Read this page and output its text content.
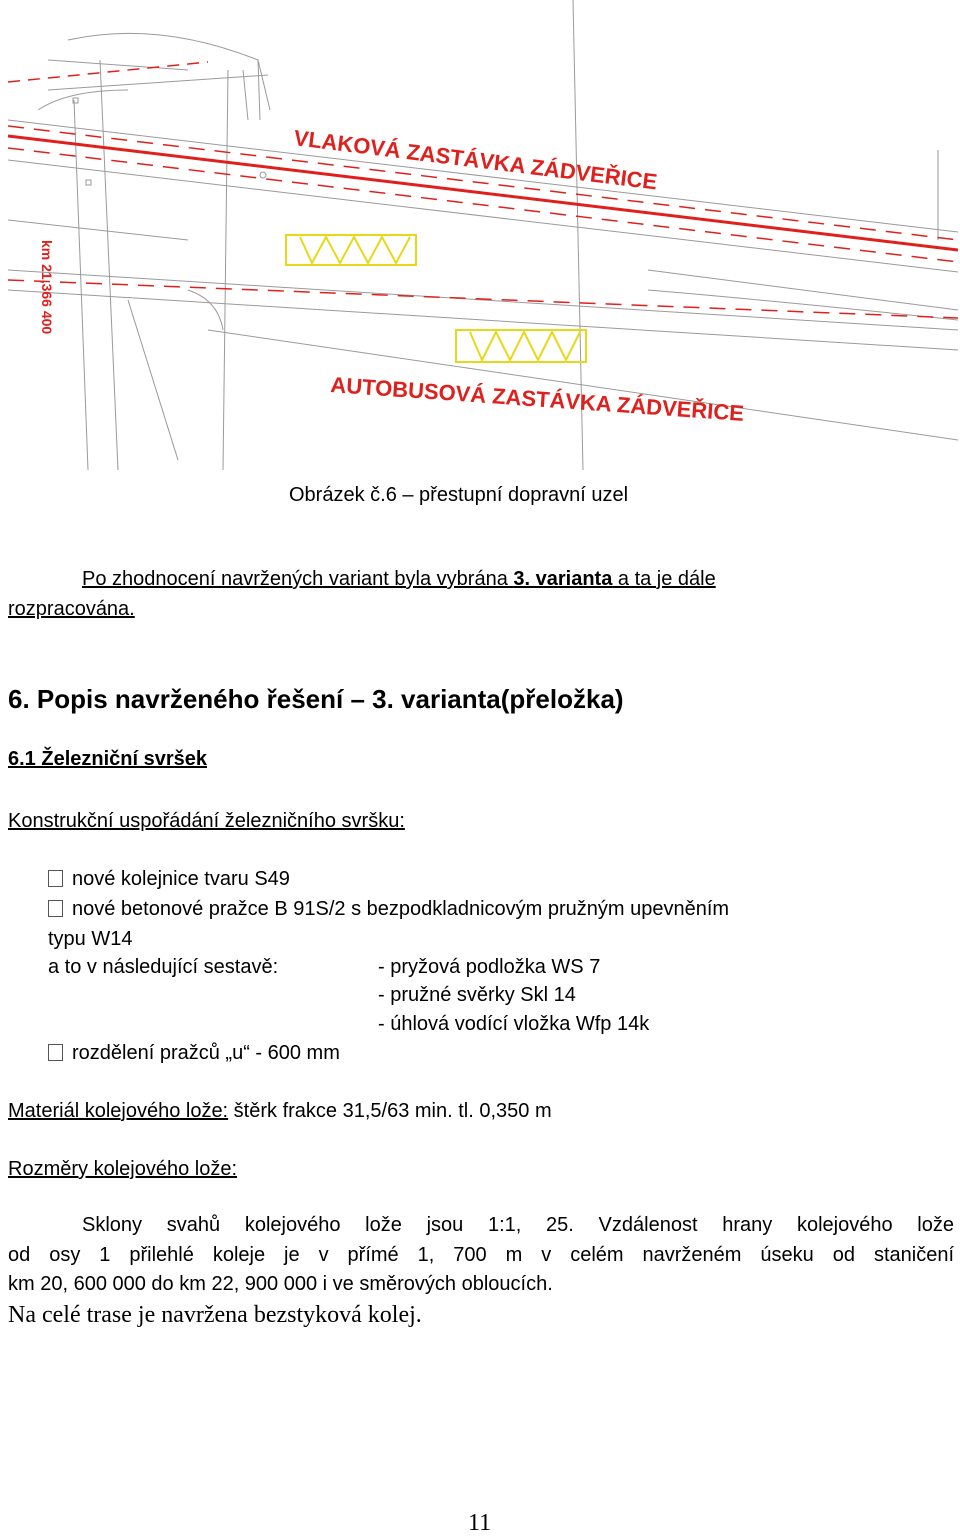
VLAKOVÁ ZASTÁVKA ZÁDVEŘICE
AUTOBUSOVÁ ZASTÁVKA ZÁDVEŘICE
km 21,366 400
Obrázek č.6 – přestupní dopravní uzel
Po zhodnocení navržených variant byla vybrána 3. varianta a ta je dále
rozpracována.
6. Popis navrženého řešení – 3. varianta(přeložka)
6.1 Železniční svršek
Konstrukční uspořádání železničního svršku:
nové kolejnice tvaru S49
nové betonové pražce B 91S/2 s bezpodkladnicovým pružným upevněním
typu W14
a to v následující sestavě:	- pryžová podložka WS 7
- pružné svěrky Skl 14
- úhlová vodící vložka Wfp 14k
rozdělení pražců „u“ - 600 mm
Materiál kolejového lože: štěrk frakce 31,5/63 min. tl. 0,350 m
Rozměry kolejového lože:
Sklony svahů kolejového lože jsou 1:1, 25. Vzdálenost hrany kolejového lože
od osy 1 přilehlé koleje je v přímé 1, 700 m v celém navrženém úseku od staničení
km 20, 600 000 do km 22, 900 000 i ve směrových obloucích.
Na celé trase je navržena bezstyková kolej.
11
